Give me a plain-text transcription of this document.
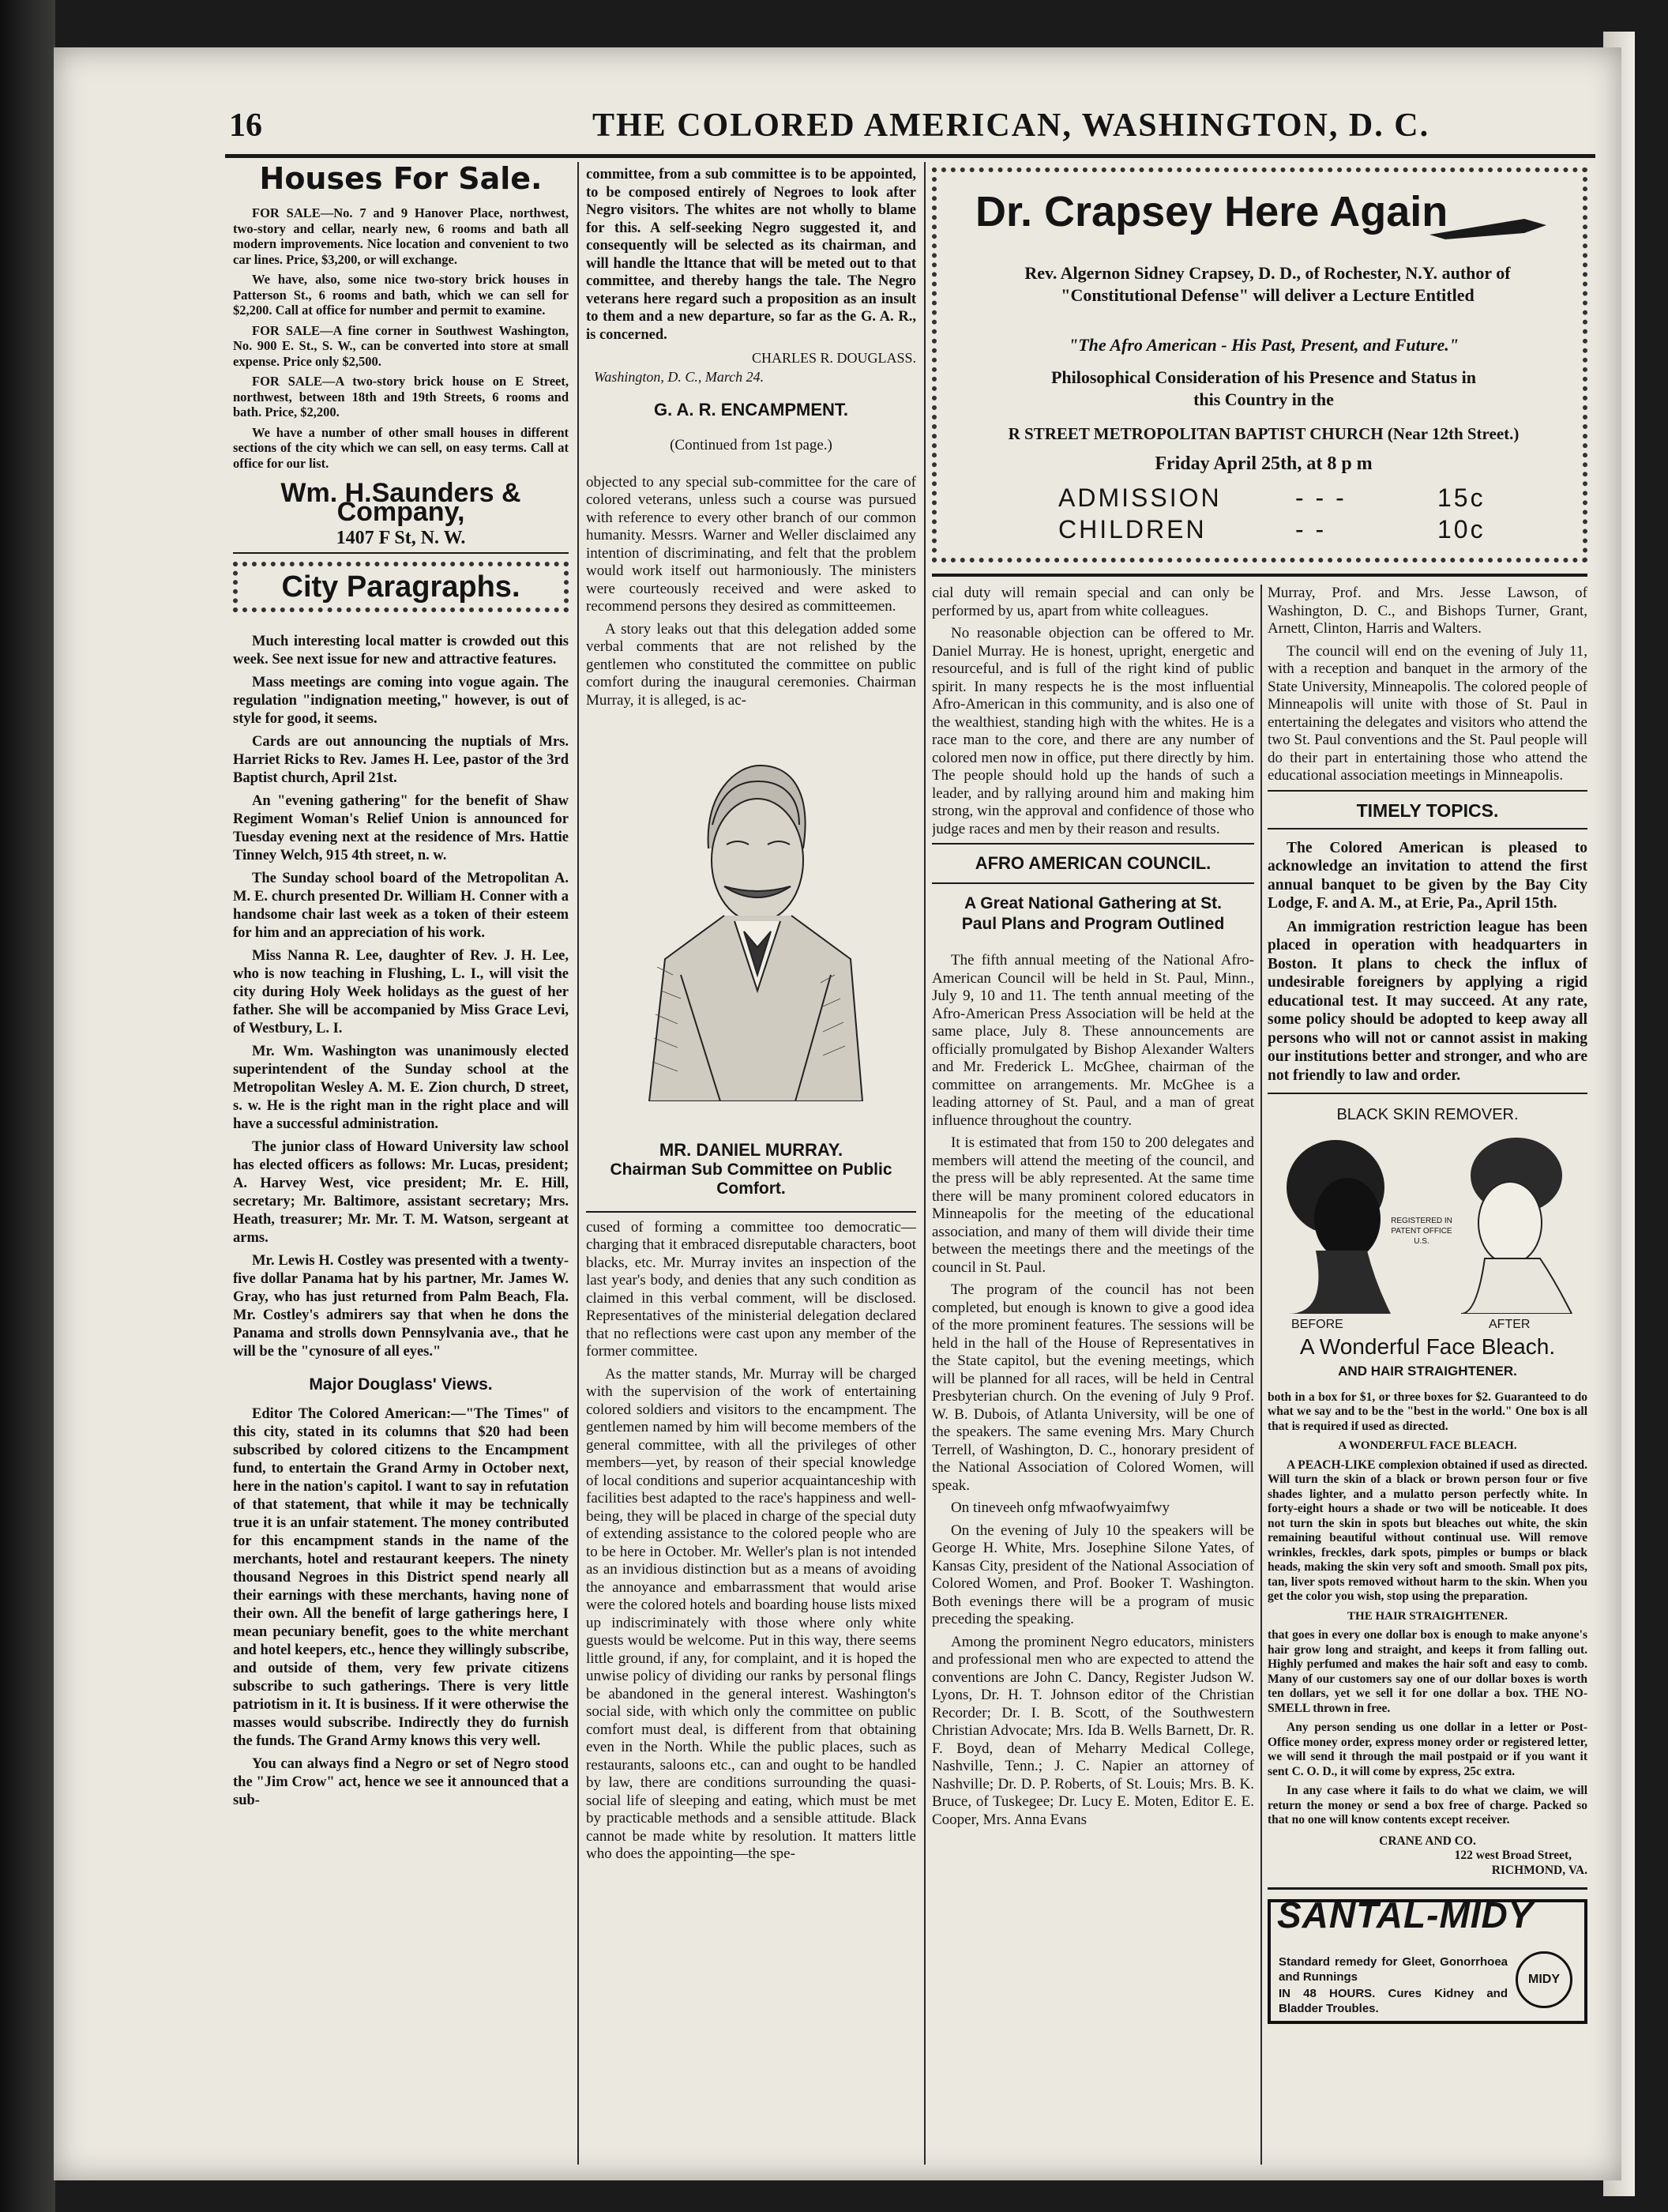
16	THE COLORED AMERICAN, WASHINGTON, D. C.
Houses For Sale.

FOR SALE—No. 7 and 9 Hanover Place, northwest, two-story and cellar, nearly new, 6 rooms and bath all modern improvements. Nice location and convenient to two car lines. Price, $3,200, or will exchange.

We have, also, some nice two-story brick houses in Patterson St., 6 rooms and bath, which we can sell for $2,200. Call at office for number and permit to examine.

FOR SALE—A fine corner in Southwest Washington, No. 900 E. St., S. W., can be converted into store at small expense. Price only $2,500.

FOR SALE—A two-story brick house on E Street, northwest, between 18th and 19th Streets, 6 rooms and bath. Price, $2,200.

We have a number of other small houses in different sections of the city which we can sell, on easy terms. Call at office for our list.

Wm. H.Saunders & Company,
1407 F St, N. W.
City Paragraphs.

Much interesting local matter is crowded out this week. See next issue for new and attractive features.

Mass meetings are coming into vogue again. The regulation "indignation meeting," however, is out of style for good, it seems.

Cards are out announcing the nuptials of Mrs. Harriet Ricks to Rev. James H. Lee, pastor of the 3rd Baptist church, April 21st.

An "evening gathering" for the benefit of Shaw Regiment Woman's Relief Union is announced for Tuesday evening next at the residence of Mrs. Hattie Tinney Welch, 915 4th street, n. w.

The Sunday school board of the Metropolitan A. M. E. church presented Dr. William H. Conner with a handsome chair last week as a token of their esteem for him and an appreciation of his work.

Miss Nanna R. Lee, daughter of Rev. J. H. Lee, who is now teaching in Flushing, L. I., will visit the city during Holy Week holidays as the guest of her father. She will be accompanied by Miss Grace Levi, of Westbury, L. I.

Mr. Wm. Washington was unanimously elected superintendent of the Sunday school at the Metropolitan Wesley A. M. E. Zion church, D street, s. w. He is the right man in the right place and will have a successful administration.

The junior class of Howard University law school has elected officers as follows: Mr. Lucas, president; A. Harvey West, vice president; Mr. E. Hill, secretary; Mr. Baltimore, assistant secretary; Mrs. Heath, treasurer; Mr. Mr. T. M. Watson, sergeant at arms.

Mr. Lewis H. Costley was presented with a twenty-five dollar Panama hat by his partner, Mr. James W. Gray, who has just returned from Palm Beach, Fla. Mr. Costley's admirers say that when he dons the Panama and strolls down Pennsylvania ave., that he will be the "cynosure of all eyes."

Major Douglass' Views.

Editor The Colored American:—"The Times" of this city, stated in its columns that $20 had been subscribed by colored citizens to the Encampment fund, to entertain the Grand Army in October next, here in the nation's capitol. I want to say in refutation of that statement, that while it may be technically true it is an unfair statement. The money contributed for this encampment stands in the name of the merchants, hotel and restaurant keepers. The ninety thousand Negroes in this District spend nearly all their earnings with these merchants, having none of their own. All the benefit of large gatherings here, I mean pecuniary benefit, goes to the white merchant and hotel keepers, etc., hence they willingly subscribe, and outside of them, very few private citizens subscribe to such gatherings. There is very little patriotism in it. It is business. If it were otherwise the masses would subscribe. Indirectly they do furnish the funds. The Grand Army knows this very well.

You can always find a Negro or set of Negro stood the "Jim Crow" act, hence we see it announced that a sub-

committee, from a sub committee is to be appointed, to be composed entirely of Negroes to look after Negro visitors. The whites are not wholly to blame for this. A self-seeking Negro suggested it, and consequently will be selected as its chairman, and will handle the lttance that will be meted out to that committee, and thereby hangs the tale. The Negro veterans here regard such a proposition as an insult to them and a new departure, so far as the G. A. R., is concerned.

CHARLES R. DOUGLASS.
Washington, D. C., March 24.
G. A. R. ENCAMPMENT.
(Continued from 1st page.)

objected to any special sub-committee for the care of colored veterans, unless such a course was pursued with reference to every other branch of our common humanity. Messrs. Warner and Weller disclaimed any intention of discriminating, and felt that the problem would work itself out harmoniously. The ministers were courteously received and were asked to recommend persons they desired as committeemen.

A story leaks out that this delegation added some verbal comments that are not relished by the gentlemen who constituted the committee on public comfort during the inaugural ceremonies. Chairman Murray, it is alleged, is ac-

MR. DANIEL MURRAY.
Chairman Sub Committee on Public Comfort.

cused of forming a committee too democratic—charging that it embraced disreputable characters, boot blacks, etc. Mr. Murray invites an inspection of the last year's body, and denies that any such condition as claimed in this verbal comment, will be disclosed. Representatives of the ministerial delegation declared that no reflections were cast upon any member of the former committee.

As the matter stands, Mr. Murray will be charged with the supervision of the work of entertaining colored soldiers and visitors to the encampment. The gentlemen named by him will become members of the general committee, with all the privileges of other members—yet, by reason of their special knowledge of local conditions and superior acquaintanceship with facilities best adapted to the race's happiness and well-being, they will be placed in charge of the special duty of extending assistance to the colored people who are to be here in October. Mr. Weller's plan is not intended as an invidious distinction but as a means of avoiding the annoyance and embarrassment that would arise were the colored hotels and boarding house lists mixed up indiscriminately with those where only white guests would be welcome. Put in this way, there seems little ground, if any, for complaint, and it is hoped the unwise policy of dividing our ranks by personal flings be abandoned in the general interest. Washington's social side, with which only the committee on public comfort must deal, is different from that obtaining even in the North. While the public places, such as restaurants, saloons etc., can and ought to be handled by law, there are conditions surrounding the quasi-social life of sleeping and eating, which must be met by practicable methods and a sensible attitude. Black cannot be made white by resolution. It matters little who does the appointing—the spe-

Dr. Crapsey Here Again
Rev. Algernon Sidney Crapsey, D. D., of Rochester, N.Y. author of "Constitutional Defense" will deliver a Lecture Entitled
"The Afro American - His Past, Present, and Future."
Philosophical Consideration of his Presence and Status in this Country in the
R STREET METROPOLITAN BAPTIST CHURCH (Near 12th Street.)
Friday April 25th, at 8 p m
ADMISSION	- - -	15c
CHILDREN	- -	10c

cial duty will remain special and can only be performed by us, apart from white colleagues.

No reasonable objection can be offered to Mr. Daniel Murray. He is honest, upright, energetic and resourceful, and is full of the right kind of public spirit. In many respects he is the most influential Afro-American in this community, and is also one of the wealthiest, standing high with the whites. He is a race man to the core, and there are any number of colored men now in office, put there directly by him. The people should hold up the hands of such a leader, and by rallying around him and making him strong, win the approval and confidence of those who judge races and men by their reason and results.

AFRO AMERICAN COUNCIL.
A Great National Gathering at St. Paul Plans and Program Outlined

The fifth annual meeting of the National Afro-American Council will be held in St. Paul, Minn., July 9, 10 and 11. The tenth annual meeting of the Afro-American Press Association will be held at the same place, July 8. These announcements are officially promulgated by Bishop Alexander Walters and Mr. Frederick L. McGhee, chairman of the committee on arrangements. Mr. McGhee is a leading attorney of St. Paul, and a man of great influence throughout the country.

It is estimated that from 150 to 200 delegates and members will attend the meeting of the council, and the press will be ably represented. At the same time there will be many prominent colored educators in Minneapolis for the meeting of the educational association, and many of them will divide their time between the meetings there and the meetings of the council in St. Paul.

The program of the council has not been completed, but enough is known to give a good idea of the more prominent features. The sessions will be held in the hall of the House of Representatives in the State capitol, but the evening meetings, which will be planned for all races, will be held in Central Presbyterian church. On the evening of July 9 Prof. W. B. Dubois, of Atlanta University, will be one of the speakers. The same evening Mrs. Mary Church Terrell, of Washington, D. C., honorary president of the National Association of Colored Women, will speak.

On tineveeh onfg mfwaofwyaimfwy

On the evening of July 10 the speakers will be George H. White, Mrs. Josephine Silone Yates, of Kansas City, president of the National Association of Colored Women, and Prof. Booker T. Washington. Both evenings there will be a program of music preceding the speaking.

Among the prominent Negro educators, ministers and professional men who are expected to attend the conventions are John C. Dancy, Register Judson W. Lyons, Dr. H. T. Johnson editor of the Christian Recorder; Dr. I. B. Scott, of the Southwestern Christian Advocate; Mrs. Ida B. Wells Barnett, Dr. R. F. Boyd, dean of Meharry Medical College, Nashville, Tenn.; J. C. Napier an attorney of Nashville; Dr. D. P. Roberts, of St. Louis; Mrs. B. K. Bruce, of Tuskegee; Dr. Lucy E. Moten, Editor E. E. Cooper, Mrs. Anna Evans

Murray, Prof. and Mrs. Jesse Lawson, of Washington, D. C., and Bishops Turner, Grant, Arnett, Clinton, Harris and Walters.

The council will end on the evening of July 11, with a reception and banquet in the armory of the State University, Minneapolis. The colored people of Minneapolis will unite with those of St. Paul in entertaining the delegates and visitors who attend the two St. Paul conventions and the St. Paul people will do their part in entertaining those who attend the educational association meetings in Minneapolis.

TIMELY TOPICS.

The Colored American is pleased to acknowledge an invitation to attend the first annual banquet to be given by the Bay City Lodge, F. and A. M., at Erie, Pa., April 15th.

An immigration restriction league has been placed in operation with headquarters in Boston. It plans to check the influx of undesirable foreigners by applying a rigid educational test. It may succeed. At any rate, some policy should be adopted to keep away all persons who will not or cannot assist in making our institutions better and stronger, and who are not friendly to law and order.

BLACK SKIN REMOVER.
REGISTERED IN PATENT OFFICE U.S.
BEFORE	AFTER
A Wonderful Face Bleach.
AND HAIR STRAIGHTENER.

both in a box for $1, or three boxes for $2. Guaranteed to do what we say and to be the "best in the world." One box is all that is required if used as directed.

A WONDERFUL FACE BLEACH.

A PEACH-LIKE complexion obtained if used as directed. Will turn the skin of a black or brown person four or five shades lighter, and a mulatto person perfectly white. In forty-eight hours a shade or two will be noticeable. It does not turn the skin in spots but bleaches out white, the skin remaining beautiful without continual use. Will remove wrinkles, freckles, dark spots, pimples or bumps or black heads, making the skin very soft and smooth. Small pox pits, tan, liver spots removed without harm to the skin. When you get the color you wish, stop using the preparation.

THE HAIR STRAIGHTENER.

that goes in every one dollar box is enough to make anyone's hair grow long and straight, and keeps it from falling out. Highly perfumed and makes the hair soft and easy to comb. Many of our customers say one of our dollar boxes is worth ten dollars, yet we sell it for one dollar a box. THE NO-SMELL thrown in free.

Any person sending us one dollar in a letter or Post-Office money order, express money order or registered letter, we will send it through the mail postpaid or if you want it sent C. O. D., it will come by express, 25c extra.

In any case where it fails to do what we claim, we will return the money or send a box free of charge. Packed so that no one will know contents except receiver.

CRANE AND CO.
122 west Broad Street,
RICHMOND, VA.
SANTAL-MIDY
Standard remedy for Gleet, Gonorrhoea and Runnings
IN 48 HOURS. Cures Kidney and Bladder Troubles.
MIDY
